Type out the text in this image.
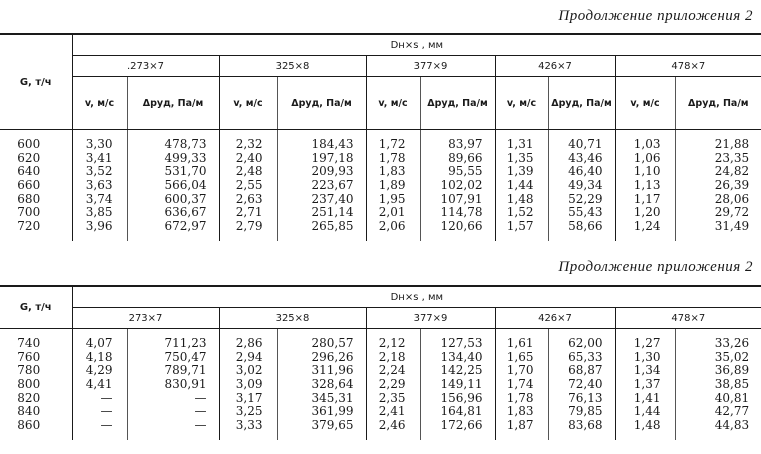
Продолжение приложения 2
G, т/ч	Dн×s , мм									
	.273×7		325×8		377×9		426×7		478×7	
	v, м/с	Δpуд, Па/м	v, м/с	Δpуд, Па/м	v, м/с	Δpуд, Па/м	v, м/с	Δpуд, Па/м	v, м/с	Δpуд, Па/м

600	3,30	478,73	2,32	184,43	1,72	83,97	1,31	40,71	1,03	21,88
620	3,41	499,33	2,40	197,18	1,78	89,66	1,35	43,46	1,06	23,35
640	3,52	531,70	2,48	209,93	1,83	95,55	1,39	46,40	1,10	24,82
660	3,63	566,04	2,55	223,67	1,89	102,02	1,44	49,34	1,13	26,39
680	3,74	600,37	2,63	237,40	1,95	107,91	1,48	52,29	1,17	28,06
700	3,85	636,67	2,71	251,14	2,01	114,78	1,52	55,43	1,20	29,72
720	3,96	672,97	2,79	265,85	2,06	120,66	1,57	58,66	1,24	31,49

Продолжение приложения 2
G, т/ч	Dн×s , мм									
	273×7		325×8		377×9		426×7		478×7	

740	4,07	711,23	2,86	280,57	2,12	127,53	1,61	62,00	1,27	33,26
760	4,18	750,47	2,94	296,26	2,18	134,40	1,65	65,33	1,30	35,02
780	4,29	789,71	3,02	311,96	2,24	142,25	1,70	68,87	1,34	36,89
800	4,41	830,91	3,09	328,64	2,29	149,11	1,74	72,40	1,37	38,85
820	—	—	3,17	345,31	2,35	156,96	1,78	76,13	1,41	40,81
840	—	—	3,25	361,99	2,41	164,81	1,83	79,85	1,44	42,77
860	—	—	3,33	379,65	2,46	172,66	1,87	83,68	1,48	44,83
